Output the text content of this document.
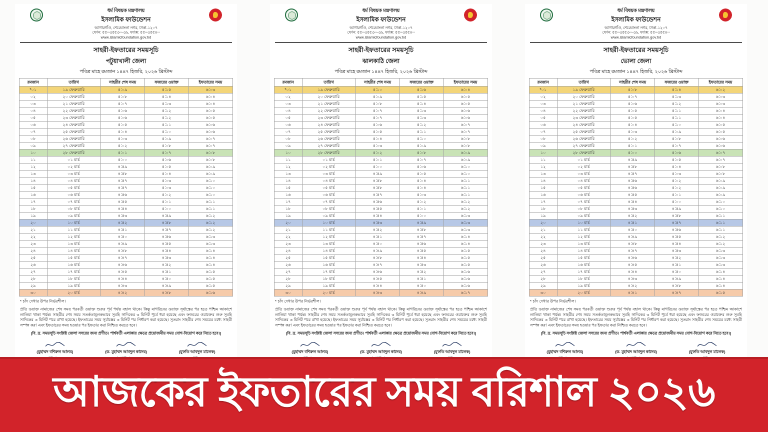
ধর্ম বিষয়ক মন্ত্রণালয়
ইসলামিক ফাউন্ডেশন
আগারগাঁও, শেরেবাংলা নগর, ঢাকা-১২০৭
ফোন: ৫৫০৩৫৫৩০-৩৯, ফ্যাক্স: ৫৫০৩৫৫৪০
www.islamicfoundation.gov.bd
সাহরী-ইফতারের সময়সূচি
পটুয়াখালী জেলা
পবিত্র মাহে রমজান ১৪৪৭ হিজরি, ২০২৬ খ্রিস্টাব্দ
রমজান	তারিখ	সাহরীর শেষ সময়	ফজরের ওয়াক্ত	ইফতারের সময়
*০১	১৯ ফেব্রুয়ারি	৫:০৯	৫:১৫	৬:০৩
০২	২০ ফেব্রুয়ারি	৫:০৮	৫:১৪	৬:০৪
০৩	২১ ফেব্রুয়ারি	৫:০৭	৫:১৩	৬:০৪
০৪	২২ ফেব্রুয়ারি	৫:০৬	৫:১২	৬:০৫
০৫	২৩ ফেব্রুয়ারি	৫:০৬	৫:১২	৬:০৫
০৬	২৪ ফেব্রুয়ারি	৫:০৫	৫:১১	৬:০৬
০৭	২৫ ফেব্রুয়ারি	৫:০৪	৫:১০	৬:০৬
০৮	২৬ ফেব্রুয়ারি	৫:০৩	৫:০৯	৬:০৭
০৯	২৭ ফেব্রুয়ারি	৫:০২	৫:০৮	৬:০৭
১০	২৮ ফেব্রুয়ারি	৫:০১	৫:০৭	৬:০৮
১১	০১ মার্চ	৫:০০	৫:০৬	৬:০৮
১২	০২ মার্চ	৪:৫৯	৫:০৫	৬:০৯
১৩	০৩ মার্চ	৪:৫৮	৫:০৪	৬:০৯
১৪	০৪ মার্চ	৪:৫৭	৫:০৩	৬:১০
১৫	০৫ মার্চ	৪:৫৭	৫:০৩	৬:১০
১৬	০৬ মার্চ	৪:৫৬	৫:০২	৬:১০
১৭	০৭ মার্চ	৪:৫৫	৫:০১	৬:১১
১৮	০৮ মার্চ	৪:৫৪	৫:০০	৬:১১
১৯	০৯ মার্চ	৪:৫৩	৪:৫৯	৬:১২
২০	১০ মার্চ	৪:৫২	৪:৫৮	৬:১২
২১	১১ মার্চ	৪:৫১	৪:৫৭	৬:১২
২২	১২ মার্চ	৪:৫০	৪:৫৬	৬:১৩
২৩	১৩ মার্চ	৪:৪৯	৪:৫৫	৬:১৩
২৪	১৪ মার্চ	৪:৪৮	৪:৫৪	৬:১৪
২৫	১৫ মার্চ	৪:৪৭	৪:৫৩	৬:১৪
২৬	১৬ মার্চ	৪:৪৬	৪:৫২	৬:১৪
২৭	১৭ মার্চ	৪:৪৫	৪:৫১	৬:১৫
২৮	১৮ মার্চ	৪:৪৪	৪:৫০	৬:১৫
২৯	১৯ মার্চ	৪:৪৩	৪:৪৯	৬:১৫
৩০	২০ মার্চ	৪:৪২	৪:৪৮	৬:১৬
* চাঁদ দেখার উপর নির্ভরশীল।
প্রতি ওয়াক্ত নামাজের শেষ সময় পরবর্তী ওয়াক্ত শুরুর পূর্ব পর্যন্ত বহাল থাকে। কিন্তু মাগরিবের ওয়াক্ত সূর্যাস্তের পর হতে পশ্চিম আকাশে লালিমা থাকা পর্যন্ত। সাহরীর শেষ সময় সতর্কতামূলকভাবে সুবহি সাদিকের ৩ মিনিট পূর্বে ধরা হয়েছে এবং ফজরের ওয়াক্তের শুরু সুবহি সাদিকের ৩ মিনিট পরে রাখা হয়েছে। ইফতারের সময় সূর্যাস্তের ৩ মিনিট পর নির্ধারণ করা হয়েছে। সুতরাং সাহরীর শেষ সময়ের মধ্যে সাহরী সম্পন্ন করা এবং ইফতারের সময় হওয়ার পর ইফতার করা নিশ্চিত করতে হবে।
(বি. দ্র. সময়সূচি সংশ্লিষ্ট জেলা সদরের জন্য প্রণীত। পার্শ্ববর্তী এলাকার ক্ষেত্রে প্রয়োজনীয় সময় যোগ-বিয়োগ করে নিতে হবে।)
(মুহাম্মদ বশিরুল আলম)	(ড. মুহাম্মদ আবদুল কাদের)	(মুফতি আবদুল মালেক)
ধর্ম বিষয়ক মন্ত্রণালয়
ইসলামিক ফাউন্ডেশন
আগারগাঁও, শেরেবাংলা নগর, ঢাকা-১২০৭
ফোন: ৫৫০৩৫৫৩০-৩৯, ফ্যাক্স: ৫৫০৩৫৫৪০
www.islamicfoundation.gov.bd
সাহরী-ইফতারের সময়সূচি
ঝালকাঠি জেলা
পবিত্র মাহে রমজান ১৪৪৭ হিজরি, ২০২৬ খ্রিস্টাব্দ
রমজান	তারিখ	সাহরীর শেষ সময়	ফজরের ওয়াক্ত	ইফতারের সময়
*০১	১৯ ফেব্রুয়ারি	৫:১০	৫:১৬	৬:০৪
০২	২০ ফেব্রুয়ারি	৫:০৯	৫:১৫	৬:০৫
০৩	২১ ফেব্রুয়ারি	৫:০৮	৫:১৪	৬:০৫
০৪	২২ ফেব্রুয়ারি	৫:০৭	৫:১৩	৬:০৬
০৫	২৩ ফেব্রুয়ারি	৫:০৭	৫:১৩	৬:০৬
০৬	২৪ ফেব্রুয়ারি	৫:০৬	৫:১২	৬:০৭
০৭	২৫ ফেব্রুয়ারি	৫:০৫	৫:১১	৬:০৭
০৮	২৬ ফেব্রুয়ারি	৫:০৪	৫:১০	৬:০৮
০৯	২৭ ফেব্রুয়ারি	৫:০৩	৫:০৯	৬:০৮
১০	২৮ ফেব্রুয়ারি	৫:০২	৫:০৮	৬:০৯
১১	০১ মার্চ	৫:০১	৫:০৭	৬:০৯
১২	০২ মার্চ	৫:০০	৫:০৬	৬:১০
১৩	০৩ মার্চ	৪:৫৯	৫:০৫	৬:১০
১৪	০৪ মার্চ	৪:৫৮	৫:০৪	৬:১১
১৫	০৫ মার্চ	৪:৫৮	৫:০৪	৬:১১
১৬	০৬ মার্চ	৪:৫৭	৫:০৩	৬:১১
১৭	০৭ মার্চ	৪:৫৬	৫:০২	৬:১২
১৮	০৮ মার্চ	৪:৫৫	৫:০১	৬:১২
১৯	০৯ মার্চ	৪:৫৪	৫:০০	৬:১৩
২০	১০ মার্চ	৪:৫৩	৪:৫৯	৬:১৩
২১	১১ মার্চ	৪:৫২	৪:৫৮	৬:১৩
২২	১২ মার্চ	৪:৫১	৪:৫৭	৬:১৪
২৩	১৩ মার্চ	৪:৫০	৪:৫৬	৬:১৪
২৪	১৪ মার্চ	৪:৪৯	৪:৫৫	৬:১৫
২৫	১৫ মার্চ	৪:৪৮	৪:৫৪	৬:১৫
২৬	১৬ মার্চ	৪:৪৭	৪:৫৩	৬:১৫
২৭	১৭ মার্চ	৪:৪৬	৪:৫২	৬:১৬
২৮	১৮ মার্চ	৪:৪৫	৪:৫১	৬:১৬
২৯	১৯ মার্চ	৪:৪৪	৪:৫০	৬:১৬
৩০	২০ মার্চ	৪:৪৩	৪:৪৯	৬:১৭
* চাঁদ দেখার উপর নির্ভরশীল।
প্রতি ওয়াক্ত নামাজের শেষ সময় পরবর্তী ওয়াক্ত শুরুর পূর্ব পর্যন্ত বহাল থাকে। কিন্তু মাগরিবের ওয়াক্ত সূর্যাস্তের পর হতে পশ্চিম আকাশে লালিমা থাকা পর্যন্ত। সাহরীর শেষ সময় সতর্কতামূলকভাবে সুবহি সাদিকের ৩ মিনিট পূর্বে ধরা হয়েছে এবং ফজরের ওয়াক্তের শুরু সুবহি সাদিকের ৩ মিনিট পরে রাখা হয়েছে। ইফতারের সময় সূর্যাস্তের ৩ মিনিট পর নির্ধারণ করা হয়েছে। সুতরাং সাহরীর শেষ সময়ের মধ্যে সাহরী সম্পন্ন করা এবং ইফতারের সময় হওয়ার পর ইফতার করা নিশ্চিত করতে হবে।
(বি. দ্র. সময়সূচি সংশ্লিষ্ট জেলা সদরের জন্য প্রণীত। পার্শ্ববর্তী এলাকার ক্ষেত্রে প্রয়োজনীয় সময় যোগ-বিয়োগ করে নিতে হবে।)
(মুহাম্মদ বশিরুল আলম)	(ড. মুহাম্মদ আবদুল কাদের)	(মুফতি আবদুল মালেক)
ধর্ম বিষয়ক মন্ত্রণালয়
ইসলামিক ফাউন্ডেশন
আগারগাঁও, শেরেবাংলা নগর, ঢাকা-১২০৭
ফোন: ৫৫০৩৫৫৩০-৩৯, ফ্যাক্স: ৫৫০৩৫৫৪০
www.islamicfoundation.gov.bd
সাহরী-ইফতারের সময়সূচি
ভোলা জেলা
পবিত্র মাহে রমজান ১৪৪৭ হিজরি, ২০২৬ খ্রিস্টাব্দ
রমজান	তারিখ	সাহরীর শেষ সময়	ফজরের ওয়াক্ত	ইফতারের সময়
*০১	১৯ ফেব্রুয়ারি	৫:০৮	৫:১৪	৬:০২
০২	২০ ফেব্রুয়ারি	৫:০৭	৫:১৩	৬:০৩
০৩	২১ ফেব্রুয়ারি	৫:০৬	৫:১২	৬:০৩
০৪	২২ ফেব্রুয়ারি	৫:০৫	৫:১১	৬:০৪
০৫	২৩ ফেব্রুয়ারি	৫:০৫	৫:১১	৬:০৪
০৬	২৪ ফেব্রুয়ারি	৫:০৪	৫:১০	৬:০৫
০৭	২৫ ফেব্রুয়ারি	৫:০৩	৫:০৯	৬:০৫
০৮	২৬ ফেব্রুয়ারি	৫:০২	৫:০৮	৬:০৬
০৯	২৭ ফেব্রুয়ারি	৫:০১	৫:০৭	৬:০৬
১০	২৮ ফেব্রুয়ারি	৫:০০	৫:০৬	৬:০৭
১১	০১ মার্চ	৪:৫৯	৫:০৫	৬:০৭
১২	০২ মার্চ	৪:৫৮	৫:০৪	৬:০৮
১৩	০৩ মার্চ	৪:৫৭	৫:০৩	৬:০৮
১৪	০৪ মার্চ	৪:৫৬	৫:০২	৬:০৯
১৫	০৫ মার্চ	৪:৫৬	৫:০২	৬:০৯
১৬	০৬ মার্চ	৪:৫৫	৫:০১	৬:০৯
১৭	০৭ মার্চ	৪:৫৪	৫:০০	৬:১০
১৮	০৮ মার্চ	৪:৫৩	৪:৫৯	৬:১০
১৯	০৯ মার্চ	৪:৫২	৪:৫৮	৬:১১
২০	১০ মার্চ	৪:৫১	৪:৫৭	৬:১১
২১	১১ মার্চ	৪:৫০	৪:৫৬	৬:১১
২২	১২ মার্চ	৪:৪৯	৪:৫৫	৬:১২
২৩	১৩ মার্চ	৪:৪৮	৪:৫৪	৬:১২
২৪	১৪ মার্চ	৪:৪৭	৪:৫৩	৬:১৩
২৫	১৫ মার্চ	৪:৪৬	৪:৫২	৬:১৩
২৬	১৬ মার্চ	৪:৪৫	৪:৫১	৬:১৩
২৭	১৭ মার্চ	৪:৪৪	৪:৫০	৬:১৪
২৮	১৮ মার্চ	৪:৪৩	৪:৪৯	৬:১৪
২৯	১৯ মার্চ	৪:৪২	৪:৪৮	৬:১৪
৩০	২০ মার্চ	৪:৪১	৪:৪৭	৬:১৫
* চাঁদ দেখার উপর নির্ভরশীল।
প্রতি ওয়াক্ত নামাজের শেষ সময় পরবর্তী ওয়াক্ত শুরুর পূর্ব পর্যন্ত বহাল থাকে। কিন্তু মাগরিবের ওয়াক্ত সূর্যাস্তের পর হতে পশ্চিম আকাশে লালিমা থাকা পর্যন্ত। সাহরীর শেষ সময় সতর্কতামূলকভাবে সুবহি সাদিকের ৩ মিনিট পূর্বে ধরা হয়েছে এবং ফজরের ওয়াক্তের শুরু সুবহি সাদিকের ৩ মিনিট পরে রাখা হয়েছে। ইফতারের সময় সূর্যাস্তের ৩ মিনিট পর নির্ধারণ করা হয়েছে। সুতরাং সাহরীর শেষ সময়ের মধ্যে সাহরী সম্পন্ন করা এবং ইফতারের সময় হওয়ার পর ইফতার করা নিশ্চিত করতে হবে।
(বি. দ্র. সময়সূচি সংশ্লিষ্ট জেলা সদরের জন্য প্রণীত। পার্শ্ববর্তী এলাকার ক্ষেত্রে প্রয়োজনীয় সময় যোগ-বিয়োগ করে নিতে হবে।)
(মুহাম্মদ বশিরুল আলম)	(ড. মুহাম্মদ আবদুল কাদের)	(মুফতি আবদুল মালেক)
আজকের ইফতারের সময় বরিশাল ২০২৬
